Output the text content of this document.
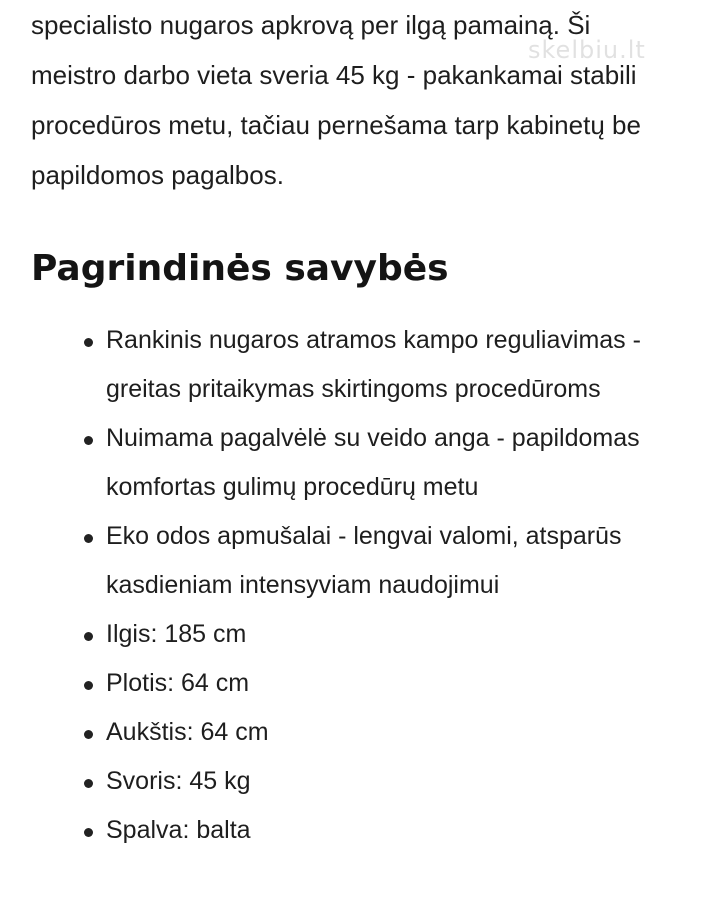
specialisto nugaros apkrovą per ilgą pamainą. Ši
meistro darbo vieta sveria 45 kg - pakankamai stabili
procedūros metu, tačiau pernešama tarp kabinetų be
papildomos pagalbos.

skelbiu.lt
Pagrindinės savybės
Rankinis nugaros atramos kampo reguliavimas -
greitas pritaikymas skirtingoms procedūroms
Nuimama pagalvėlė su veido anga - papildomas
komfortas gulimų procedūrų metu
Eko odos apmušalai - lengvai valomi, atsparūs
kasdieniam intensyviam naudojimui
Ilgis: 185 cm
Plotis: 64 cm
Aukštis: 64 cm
Svoris: 45 kg
Spalva: balta
